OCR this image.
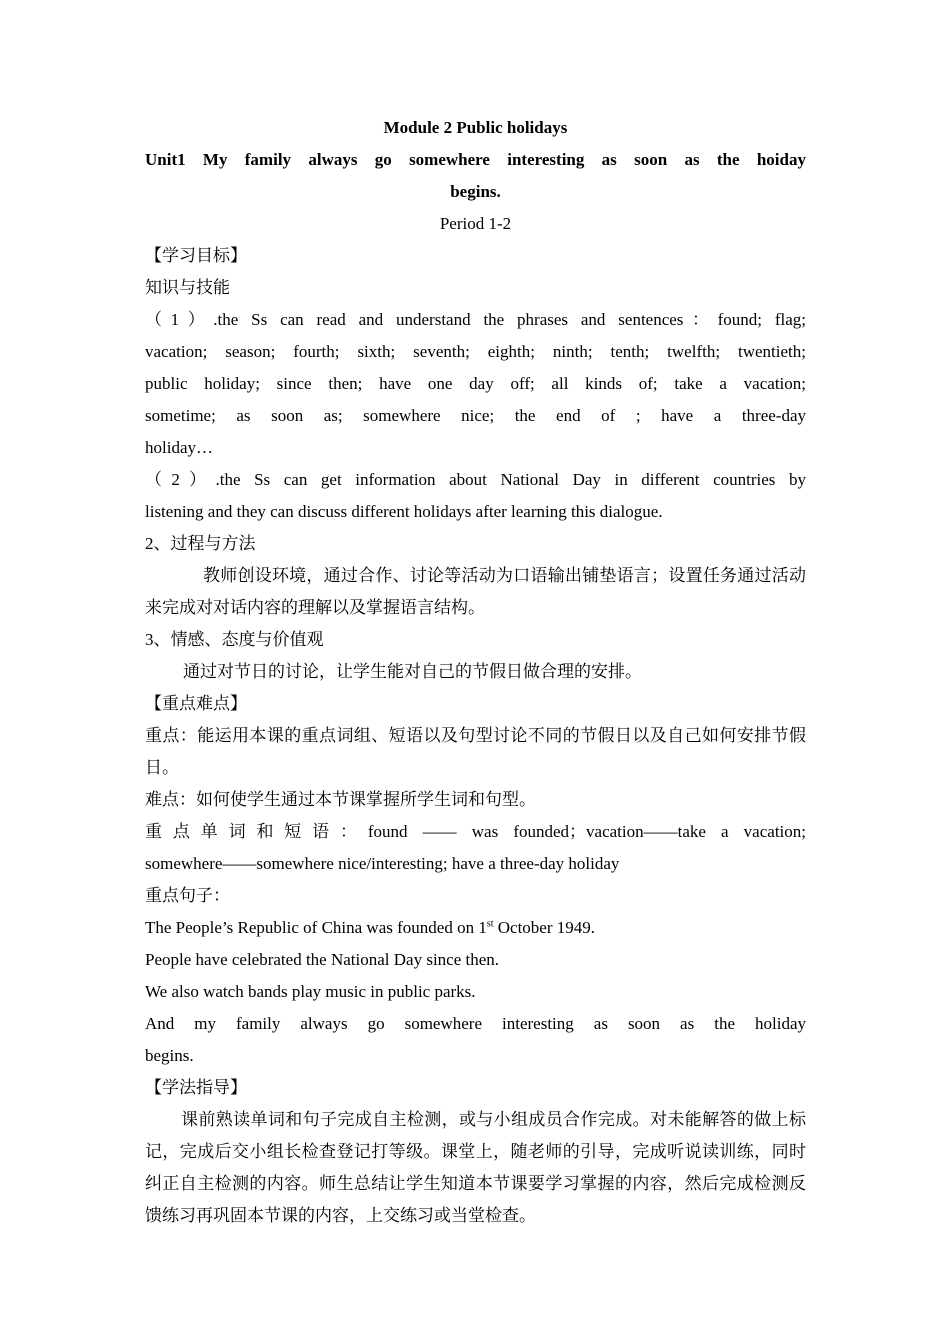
Module 2 Public holidays
Unit1 My family always go somewhere interesting as soon as the hoiday
begins.
Period 1-2
【学习目标】
知识与技能
（1）.the Ss can read and understand the phrases and sentences：found; flag;
vacation; season; fourth; sixth; seventh; eighth; ninth; tenth; twelfth; twentieth;
public holiday; since then; have one day off; all kinds of; take a vacation;
sometime; as soon as; somewhere nice; the end of ; have a three-day
holiday…
（2）.the Ss can get information about National Day in different countries by
listening and they can discuss different holidays after learning this dialogue.
2、过程与方法
教师创设环境，通过合作、讨论等活动为口语输出铺垫语言；设置任务通过活动来完成对对话内容的理解以及掌握语言结构。
3、情感、态度与价值观
通过对节日的讨论，让学生能对自己的节假日做合理的安排。
【重点难点】
重点：能运用本课的重点词组、短语以及句型讨论不同的节假日以及自己如何安排节假日。
难点：如何使学生通过本节课掌握所学生词和句型。
重点单词和短语：found —— was founded；vacation——take a vacation;
somewhere——somewhere nice/interesting; have a three-day holiday
重点句子：
The People’s Republic of China was founded on 1st October 1949.
People have celebrated the National Day since then.
We also watch bands play music in public parks.
And my family always go somewhere interesting as soon as the holiday
begins.
【学法指导】
课前熟读单词和句子完成自主检测，或与小组成员合作完成。对未能解答的做上标记，完成后交小组长检查登记打等级。课堂上，随老师的引导，完成听说读训练，同时纠正自主检测的内容。师生总结让学生知道本节课要学习掌握的内容，然后完成检测反馈练习再巩固本节课的内容，上交练习或当堂检查。
